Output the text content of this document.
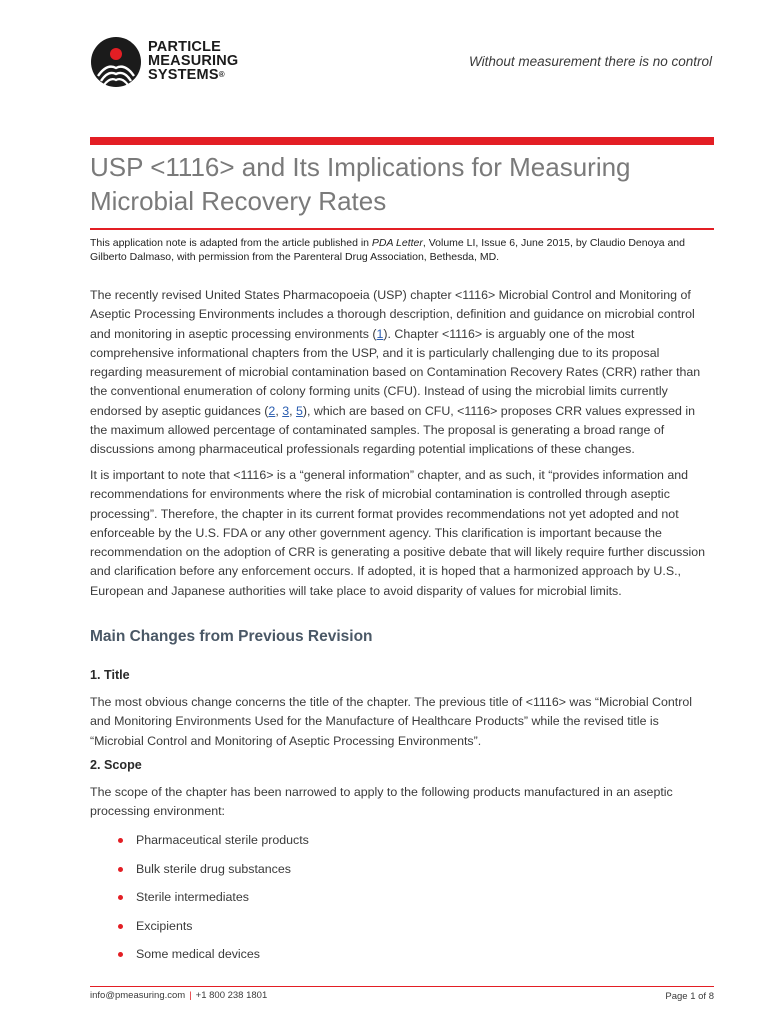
PARTICLE
MEASURING
SYSTEMS®
Without measurement there is no control
USP <1116> and Its Implications for Measuring Microbial Recovery Rates
This application note is adapted from the article published in PDA Letter, Volume LI, Issue 6, June 2015, by Claudio Denoya and Gilberto Dalmaso, with permission from the Parenteral Drug Association, Bethesda, MD.

The recently revised United States Pharmacopoeia (USP) chapter <1116> Microbial Control and Monitoring of Aseptic Processing Environments includes a thorough description, definition and guidance on microbial control and monitoring in aseptic processing environments (1). Chapter <1116> is arguably one of the most comprehensive informational chapters from the USP, and it is particularly challenging due to its proposal regarding measurement of microbial contamination based on Contamination Recovery Rates (CRR) rather than the conventional enumeration of colony forming units (CFU). Instead of using the microbial limits currently endorsed by aseptic guidances (2, 3, 5), which are based on CFU, <1116> proposes CRR values expressed in the maximum allowed percentage of contaminated samples. The proposal is generating a broad range of discussions among pharmaceutical professionals regarding potential implications of these changes.

It is important to note that <1116> is a “general information” chapter, and as such, it “provides information and recommendations for environments where the risk of microbial contamination is controlled through aseptic processing”. Therefore, the chapter in its current format provides recommendations not yet adopted and not enforceable by the U.S. FDA or any other government agency. This clarification is important because the recommendation on the adoption of CRR is generating a positive debate that will likely require further discussion and clarification before any enforcement occurs. If adopted, it is hoped that a harmonized approach by U.S., European and Japanese authorities will take place to avoid disparity of values for microbial limits.

Main Changes from Previous Revision
1. Title

The most obvious change concerns the title of the chapter. The previous title of <1116> was “Microbial Control and Monitoring Environments Used for the Manufacture of Healthcare Products” while the revised title is “Microbial Control and Monitoring of Aseptic Processing Environments”.

2. Scope

The scope of the chapter has been narrowed to apply to the following products manufactured in an aseptic processing environment:

Pharmaceutical sterile products
Bulk sterile drug substances
Sterile intermediates
Excipients
Some medical devices
info@pmeasuring.com | +1 800 238 1801	Page 1 of 8
